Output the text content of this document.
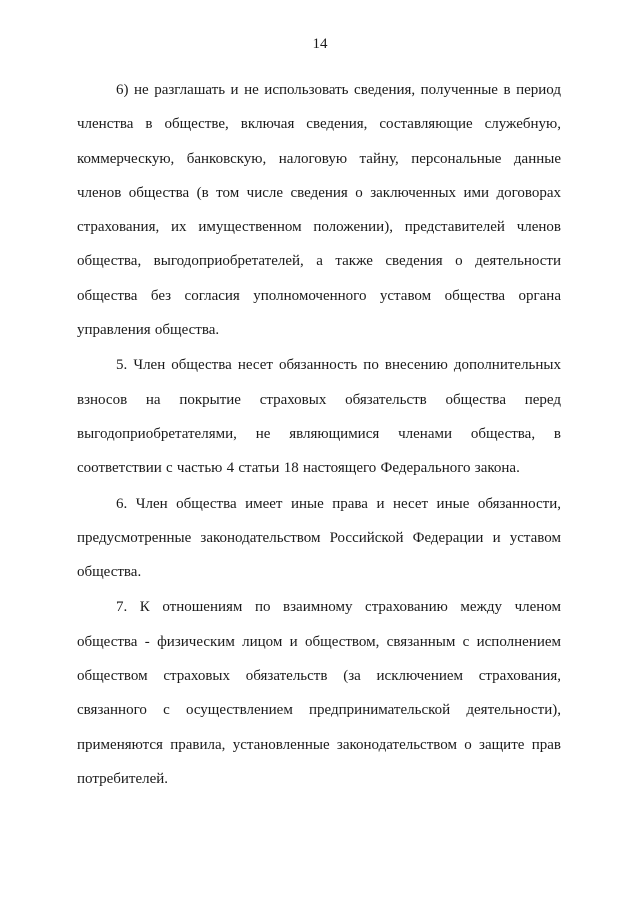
14

6) не разглашать и не использовать сведения, полученные в период членства в обществе, включая сведения, составляющие служебную, коммерческую, банковскую, налоговую тайну, персональные данные членов общества (в том числе сведения о заключенных ими договорах страхования, их имущественном положении), представителей членов общества, выгодоприобретателей, а также сведения о деятельности общества без согласия уполномоченного уставом общества органа управления общества.

5. Член общества несет обязанность по внесению дополнительных взносов на покрытие страховых обязательств общества перед выгодоприобретателями, не являющимися членами общества, в соответствии с частью 4 статьи 18 настоящего Федерального закона.

6. Член общества имеет иные права и несет иные обязанности, предусмотренные законодательством Российской Федерации и уставом общества.

7. К отношениям по взаимному страхованию между членом общества - физическим лицом и обществом, связанным с исполнением обществом страховых обязательств (за исключением страхования, связанного с осуществлением предпринимательской деятельности), применяются правила, установленные законодательством о защите прав потребителей.
